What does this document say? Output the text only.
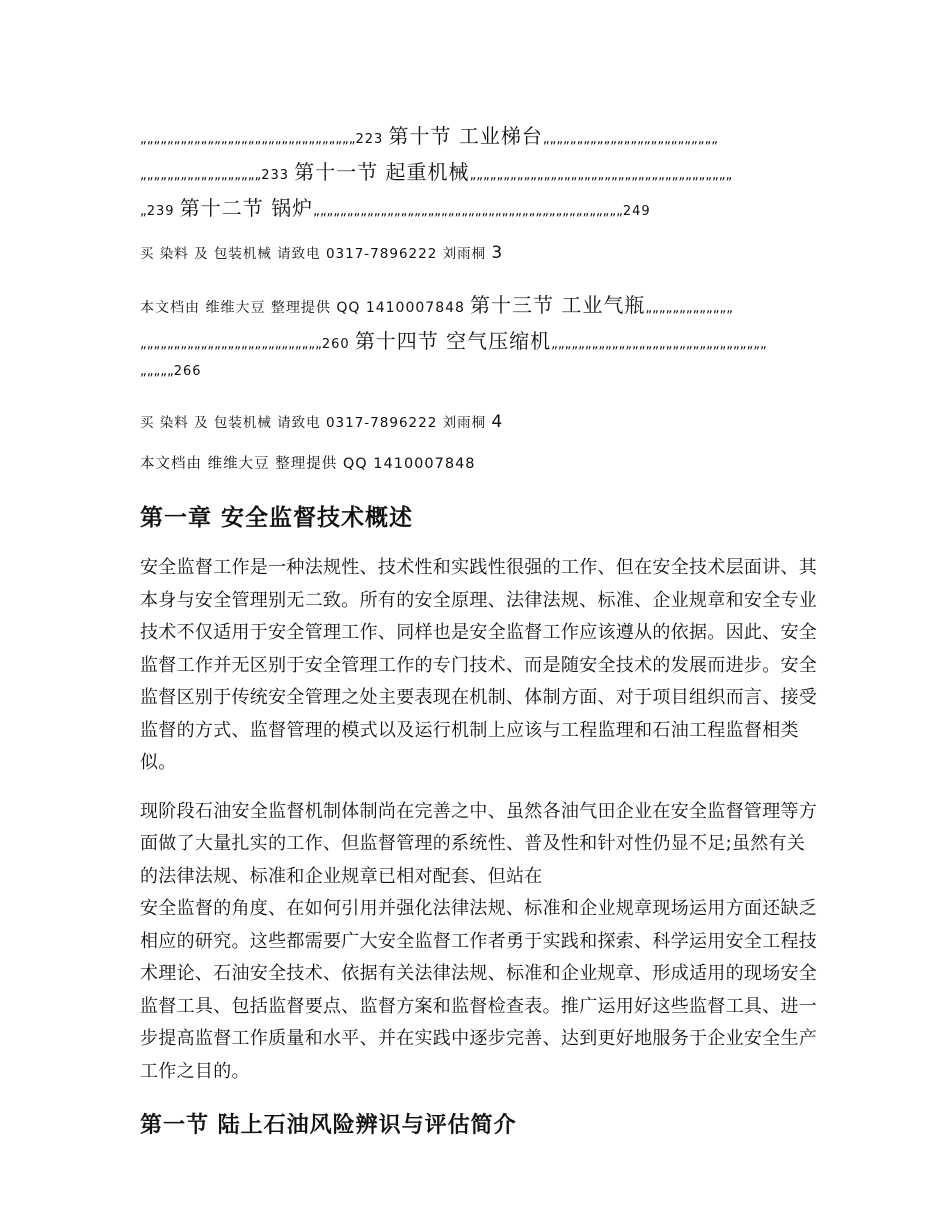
„„„„„„„„„„„„„„„„„„„„„„„„„„„„„„„„223 第十节 工业梯台„„„„„„„„„„„„„„„„„„„„„„„„„„
„„„„„„„„„„„„„„„„„„233 第十一节 起重机械„„„„„„„„„„„„„„„„„„„„„„„„„„„„„„„„„„„„„„„
„239 第十二节 锅炉„„„„„„„„„„„„„„„„„„„„„„„„„„„„„„„„„„„„„„„„„„„„„„249
买 染料 及 包装机械 请致电 0317-7896222 刘雨桐 3
本文档由 维维大豆 整理提供 QQ 1410007848 第十三节 工业气瓶„„„„„„„„„„„„„
„„„„„„„„„„„„„„„„„„„„„„„„„„„260 第十四节 空气压缩机„„„„„„„„„„„„„„„„„„„„„„„„„„„„„„„„
„„„„„266
买 染料 及 包装机械 请致电 0317-7896222 刘雨桐 4
本文档由 维维大豆 整理提供 QQ 1410007848
第一章 安全监督技术概述

安全监督工作是一种法规性、技术性和实践性很强的工作、但在安全技术层面讲、其本身与安全管理别无二致。所有的安全原理、法律法规、标准、企业规章和安全专业技术不仅适用于安全管理工作、同样也是安全监督工作应该遵从的依据。因此、安全监督工作并无区别于安全管理工作的专门技术、而是随安全技术的发展而进步。安全监督区别于传统安全管理之处主要表现在机制、体制方面、对于项目组织而言、接受监督的方式、监督管理的模式以及运行机制上应该与工程监理和石油工程监督相类似。

现阶段石油安全监督机制体制尚在完善之中、虽然各油气田企业在安全监督管理等方面做了大量扎实的工作、但监督管理的系统性、普及性和针对性仍显不足;虽然有关的法律法规、标准和企业规章已相对配套、但站在
安全监督的角度、在如何引用并强化法律法规、标准和企业规章现场运用方面还缺乏相应的研究。这些都需要广大安全监督工作者勇于实践和探索、科学运用安全工程技术理论、石油安全技术、依据有关法律法规、标准和企业规章、形成适用的现场安全监督工具、包括监督要点、监督方案和监督检查表。推广运用好这些监督工具、进一步提高监督工作质量和水平、并在实践中逐步完善、达到更好地服务于企业安全生产工作之目的。

第一节 陆上石油风险辨识与评估简介
